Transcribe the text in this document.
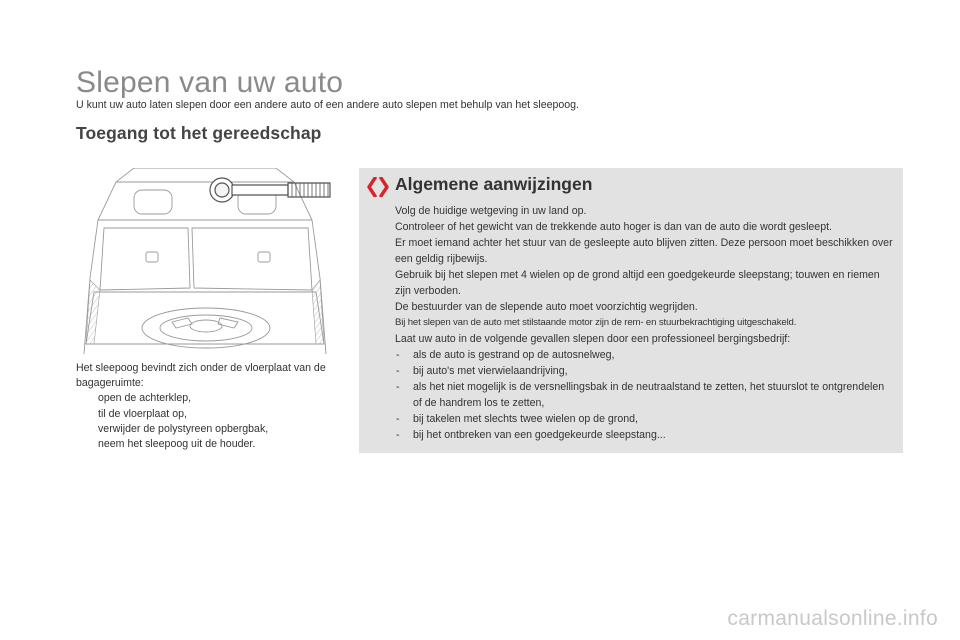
Slepen van uw auto

U kunt uw auto laten slepen door een andere auto of een andere auto slepen met behulp van het sleepoog.

Toegang tot het gereedschap

Het sleepoog bevindt zich onder de vloerplaat van de bagageruimte:

open de achterklep,
til de vloerplaat op,
verwijder de polystyreen opbergbak,
neem het sleepoog uit de houder.
Algemene aanwijzingen

Volg de huidige wetgeving in uw land op.

Controleer of het gewicht van de trekkende auto hoger is dan van de auto die wordt gesleept.

Er moet iemand achter het stuur van de gesleepte auto blijven zitten. Deze persoon moet beschikken over een geldig rijbewijs.

Gebruik bij het slepen met 4 wielen op de grond altijd een goedgekeurde sleepstang; touwen en riemen zijn verboden.

De bestuurder van de slepende auto moet voorzichtig wegrijden.

Bij het slepen van de auto met stilstaande motor zijn de rem- en stuurbekrachtiging uitgeschakeld.

Laat uw auto in de volgende gevallen slepen door een professioneel bergingsbedrijf:

- als de auto is gestrand op de autosnelweg,
- bij auto's met vierwielaandrijving,
- als het niet mogelijk is de versnellingsbak in de neutraalstand te zetten, het stuurslot te ontgrendelen of de handrem los te zetten,
- bij takelen met slechts twee wielen op de grond,
- bij het ontbreken van een goedgekeurde sleepstang...
carmanualsonline.info
